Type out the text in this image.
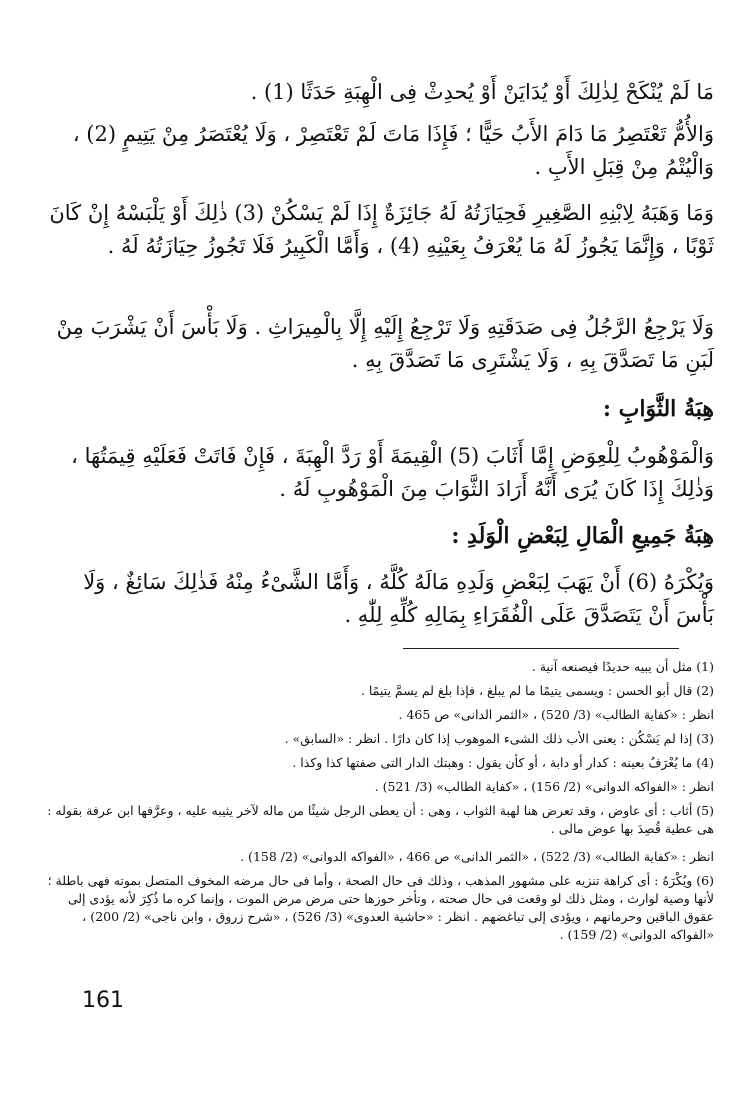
مَا لَمْ يُنْكَحْ لِذٰلِكَ أَوْ يُدَايَنْ أَوْ يُحدِثْ فِى الْهِبَةِ حَدَثًا (1) .
وَالأُمُّ تَعْتَصِرُ مَا دَامَ الأَبُ حَيًّا ؛ فَإِذَا مَاتَ لَمْ تَعْتَصِرْ ، وَلَا يُعْتَصَرُ مِنْ يَتِيمٍ (2) ، وَالْيُتْمُ مِنْ قِبَلِ الأَبِ .
وَمَا وَهَبَهُ لِابْنِهِ الصَّغِيرِ فَحِيَازَتُهُ لَهُ جَائِزَةٌ إِذَا لَمْ يَسْكُنْ (3) ذٰلِكَ أَوْ يَلْبَسْهُ إِنْ كَانَ ثَوْبًا ، وَإِنَّمَا يَجُوزُ لَهُ مَا يُعْرَفُ بِعَيْنِهِ (4) ، وَأَمَّا الْكَبِيرُ فَلَا تَجُوزُ حِيَازَتُهُ لَهُ .
وَلَا يَرْجِعُ الرَّجُلُ فِى صَدَقَتِهِ وَلَا تَرْجِعُ إِلَيْهِ إِلَّا بِالْمِيرَاثِ . وَلَا بَأْسَ أَنْ يَشْرَبَ مِنْ لَبَنِ مَا تَصَدَّقَ بِهِ ، وَلَا يَشْتَرِى مَا تَصَدَّقَ بِهِ .
هِبَةُ الثَّوَابِ :
وَالْمَوْهُوبُ لِلْعِوَضِ إِمَّا أَثَابَ (5) الْقِيمَةَ أَوْ رَدَّ الْهِبَةَ ، فَإِنْ فَاتَتْ فَعَلَيْهِ قِيمَتُهَا ، وَذٰلِكَ إِذَا كَانَ يُرَى أَنَّهُ أَرَادَ الثَّوَابَ مِنَ الْمَوْهُوبِ لَهُ .
هِبَةُ جَمِيعِ الْمَالِ لِبَعْضِ الْوَلَدِ :
وَيُكْرَهُ (6) أَنْ يَهَبَ لِبَعْضِ وَلَدِهِ مَالَهُ كُلَّهُ ، وَأَمَّا الشَّىْءُ مِنْهُ فَذٰلِكَ سَائِغٌ ، وَلَا بَأْسَ أَنْ يَتَصَدَّقَ عَلَى الْفُقَرَاءِ بِمَالِهِ كُلِّهِ لِلّٰهِ .
(1) مثل أن يبيه حديدًا فيصنعه آنية .
(2) قال أبو الحسن : ويسمى يتيمًا ما لم يبلغ ، فإذا بلغ لم يسمَّ يتيمًا .
انظر : «كفاية الطالب» (3/ 520) ، «الثمر الدانى» ص 465 .
(3) إذا لم يَسْكُن : يعنى الأب ذلك الشىء الموهوب إذا كان دارًا . انظر : «السابق» .
(4) ما يُعْرَفُ بعينه : كدار أو دابة ، أو كأن يقول : وهبتك الدار التى صفتها كذا وكذا .
انظر : «الفواكه الدوانى» (2/ 156) ، «كفاية الطالب» (3/ 521) .
(5) أثاب : أى عاوض ، وقد تعرض هنا لهبة الثواب ، وهى : أن يعطى الرجل شيئًا من ماله لآخر يثيبه عليه ، وعرَّفها ابن عرفة بقوله : هى عطية قُصِدَ بها عوض مالى .
انظر : «كفاية الطالب» (3/ 522) ، «الثمر الدانى» ص 466 ، «الفواكه الدوانى» (2/ 158) .
(6) ويُكْرَهُ : أى كراهة تنزيه على مشهور المذهب ، وذلك فى حال الصحة ، وأما فى حال مرضه المخوف المتصل بموته فهى باطلة ؛ لأنها وصية لوارث ، ومثل ذلك لو وقعت فى حال صحته ، وتأخر حوزها حتى مرض مرض الموت ، وإنما كره ما ذُكِرَ لأنه يؤدى إلى عقوق الباقين وحرمانهم ، ويؤدى إلى تباغضهم . انظر : «حاشية العدوى» (3/ 526) ، «شرح زروق ، وابن ناجى» (2/ 200) ، «الفواكه الدوانى» (2/ 159) .
161
